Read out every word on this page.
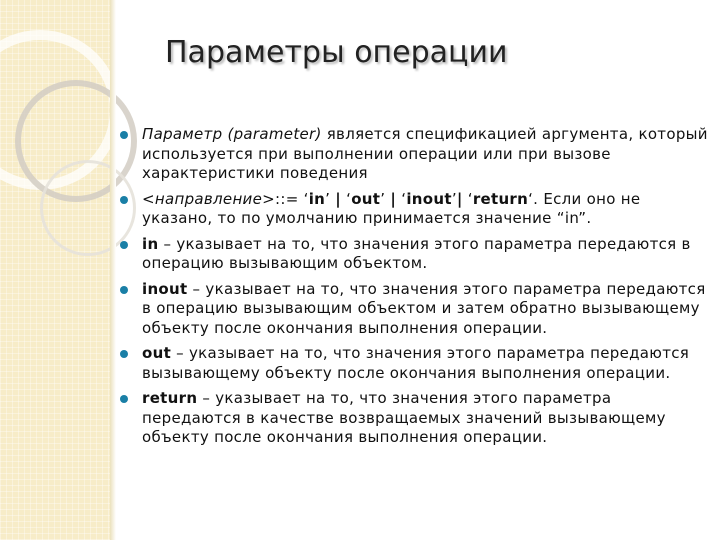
Параметры операции
Параметр (parameter) является спецификацией аргумента, который используется при выполнении операции или при вызове характеристики поведения
<направление>::= ‘in’ | ‘out’ | ‘inout’| ‘return‘. Если оно не указано, то по умолчанию принимается значение “in”.
in – указывает на то, что значения этого параметра передаются в операцию вызывающим объектом.
inout – указывает на то, что значения этого параметра передаются в операцию вызывающим объектом и затем обратно вызывающему объекту после окончания выполнения операции.
out – указывает на то, что значения этого параметра передаются вызывающему объекту после окончания выполнения операции.
return – указывает на то, что значения этого параметра передаются в качестве возвращаемых значений вызывающему объекту после окончания выполнения операции.
